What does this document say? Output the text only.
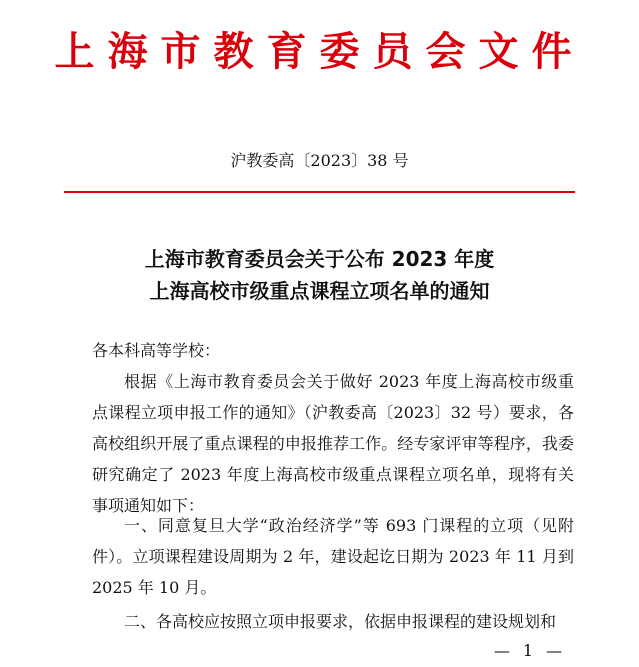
上海市教育委员会文件
沪教委高〔2023〕38 号
上海市教育委员会关于公布 2023 年度
上海高校市级重点课程立项名单的通知
各本科高等学校：

根据《上海市教育委员会关于做好 2023 年度上海高校市级重点课程立项申报工作的通知》（沪教委高〔2023〕32 号）要求，各高校组织开展了重点课程的申报推荐工作。经专家评审等程序，我委研究确定了 2023 年度上海高校市级重点课程立项名单，现将有关事项通知如下：

一、同意复旦大学“政治经济学”等 693 门课程的立项（见附件）。立项课程建设周期为 2 年，建设起讫日期为 2023 年 11 月到 2025 年 10 月。

二、各高校应按照立项申报要求，依据申报课程的建设规划和

— 1 —
